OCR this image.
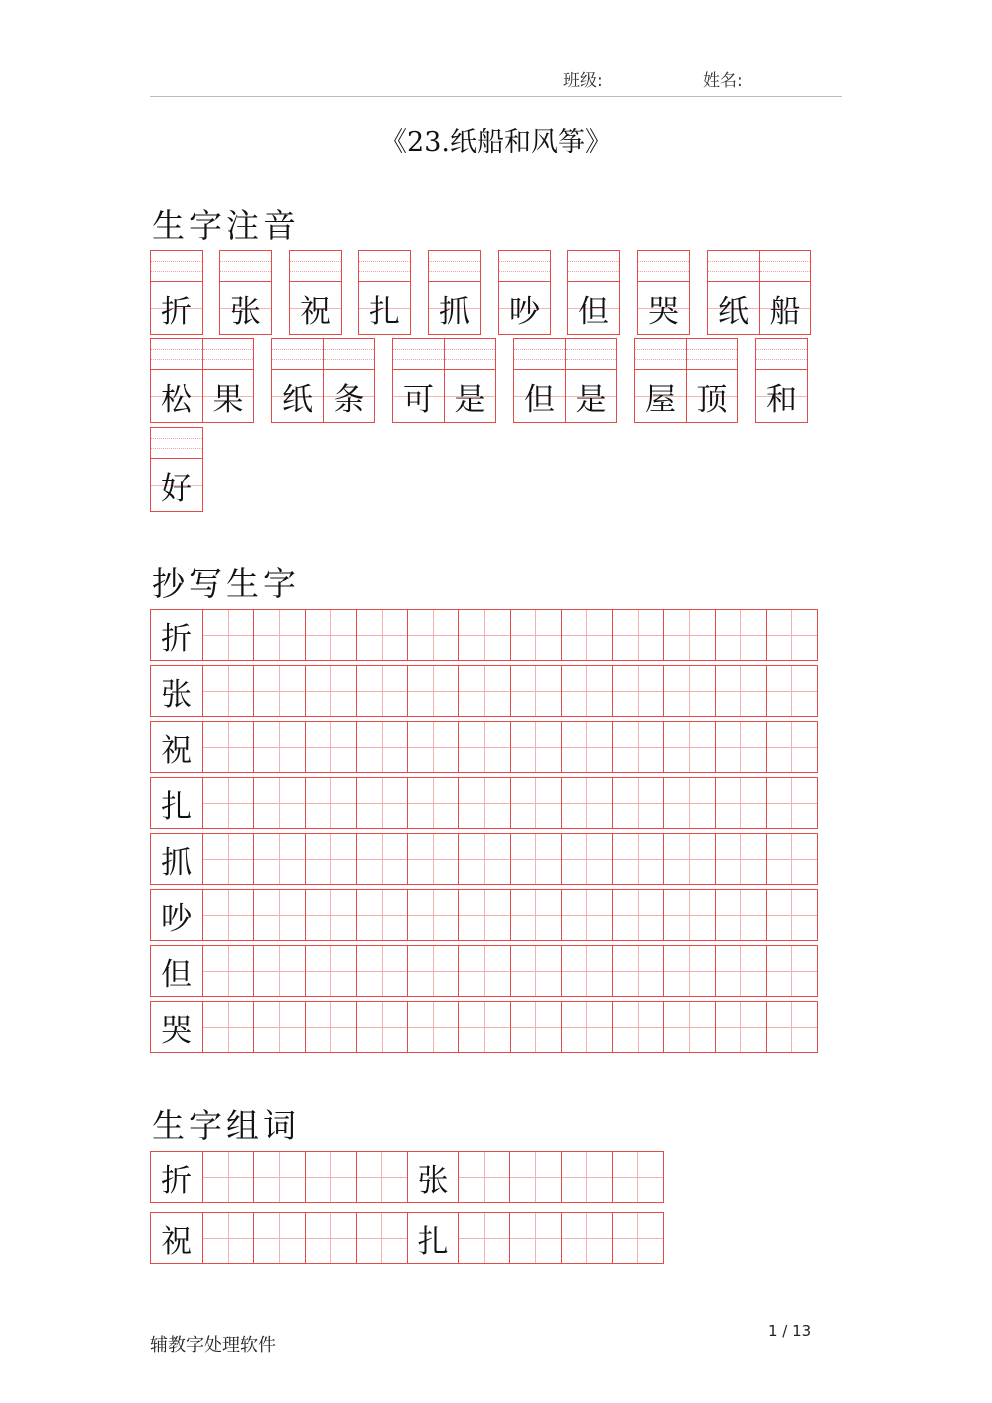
班级:	姓名:
《23.纸船和风筝》
生字注音
折 张 祝 扎 抓 吵 但 哭 纸 船
松 果 纸 条 可 是 但 是 屋 顶 和
好
抄写生字
折
张
祝
扎
抓
吵
但
哭
生字组词
折	张
祝	扎
辅教字处理软件
1 / 13
